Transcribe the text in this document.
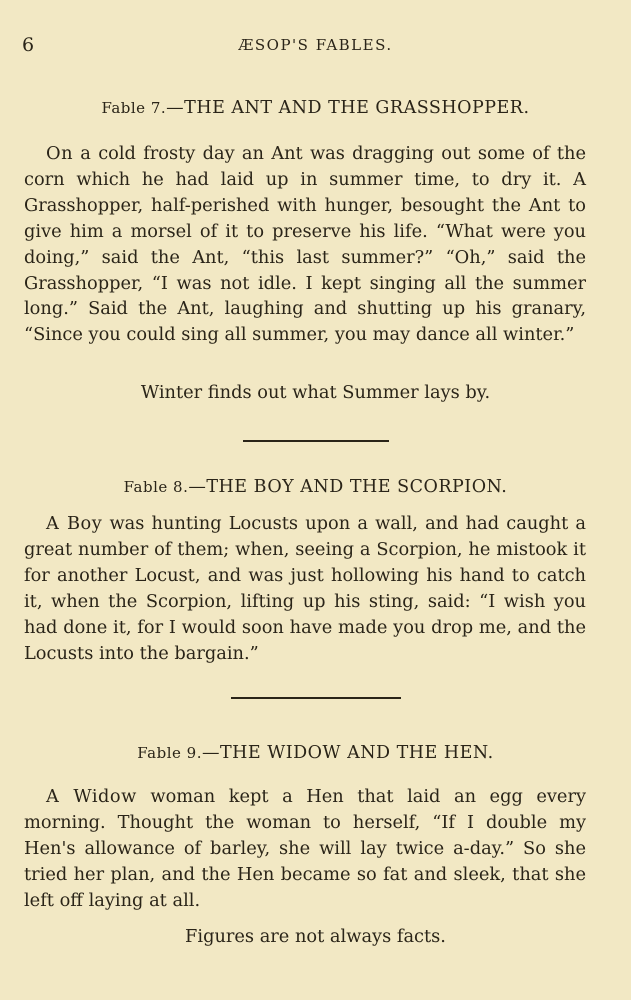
6	ÆSOP'S FABLES.
Fable 7.—THE ANT AND THE GRASSHOPPER.

On a cold frosty day an Ant was dragging out some of the corn which he had laid up in summer time, to dry it. A Grasshopper, half-perished with hunger, besought the Ant to give him a morsel of it to preserve his life. “What were you doing,” said the Ant, “this last summer?” “Oh,” said the Grasshopper, “I was not idle. I kept singing all the summer long.” Said the Ant, laughing and shutting up his granary, “Since you could sing all summer, you may dance all winter.”

Winter finds out what Summer lays by.
Fable 8.—THE BOY AND THE SCORPION.

A Boy was hunting Locusts upon a wall, and had caught a great number of them; when, seeing a Scorpion, he mistook it for another Locust, and was just hollowing his hand to catch it, when the Scorpion, lifting up his sting, said: “I wish you had done it, for I would soon have made you drop me, and the Locusts into the bargain.”

Fable 9.—THE WIDOW AND THE HEN.

A Widow woman kept a Hen that laid an egg every morning. Thought the woman to herself, “If I double my Hen's allowance of barley, she will lay twice a-day.” So she tried her plan, and the Hen became so fat and sleek, that she left off laying at all.

Figures are not always facts.
